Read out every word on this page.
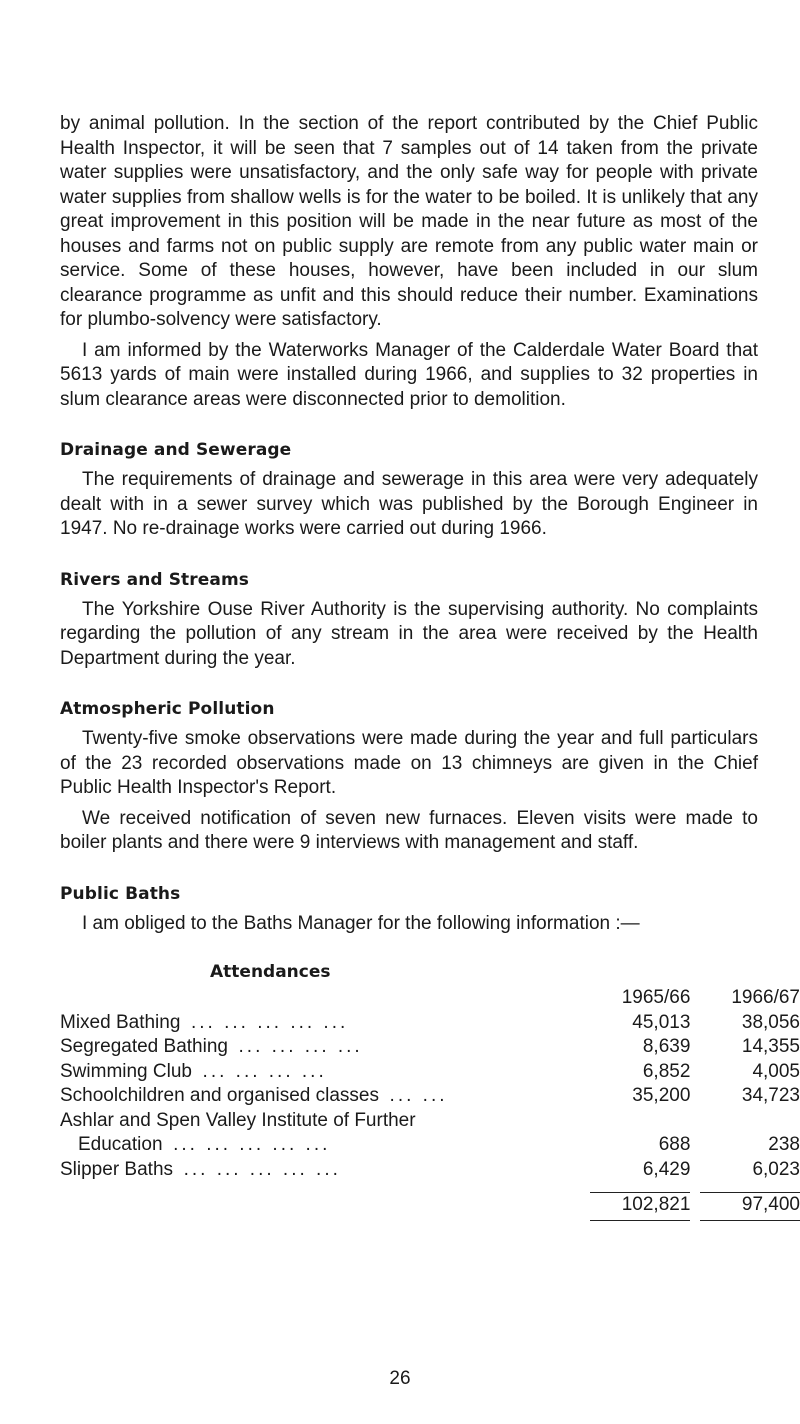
by animal pollution. In the section of the report contributed by the Chief Public Health Inspector, it will be seen that 7 samples out of 14 taken from the private water supplies were unsatisfactory, and the only safe way for people with private water supplies from shallow wells is for the water to be boiled. It is unlikely that any great improvement in this position will be made in the near future as most of the houses and farms not on public supply are remote from any public water main or service. Some of these houses, however, have been included in our slum clearance programme as unfit and this should reduce their number. Examinations for plumbo-solvency were satisfactory.

I am informed by the Waterworks Manager of the Calderdale Water Board that 5613 yards of main were installed during 1966, and supplies to 32 properties in slum clearance areas were disconnected prior to demolition.

Drainage and Sewerage

The requirements of drainage and sewerage in this area were very adequately dealt with in a sewer survey which was published by the Borough Engineer in 1947. No re-drainage works were carried out during 1966.

Rivers and Streams

The Yorkshire Ouse River Authority is the supervising authority. No complaints regarding the pollution of any stream in the area were received by the Health Department during the year.

Atmospheric Pollution

Twenty-five smoke observations were made during the year and full particulars of the 23 recorded observations made on 13 chimneys are given in the Chief Public Health Inspector's Report.

We received notification of seven new furnaces. Eleven visits were made to boiler plants and there were 9 interviews with management and staff.

Public Baths

I am obliged to the Baths Manager for the following information :—

Attendances
	1965/66	1966/67
Mixed Bathing ... ... ... ... ...	45,013	38,056
Segregated Bathing ... ... ... ...	8,639	14,355
Swimming Club ... ... ... ...	6,852	4,005
Schoolchildren and organised classes ... ...	35,200	34,723
Ashlar and Spen Valley Institute of Further		
Education ... ... ... ... ...	688	238
Slipper Baths ... ... ... ... ...	6,429	6,023

	102,821	97,400

26
